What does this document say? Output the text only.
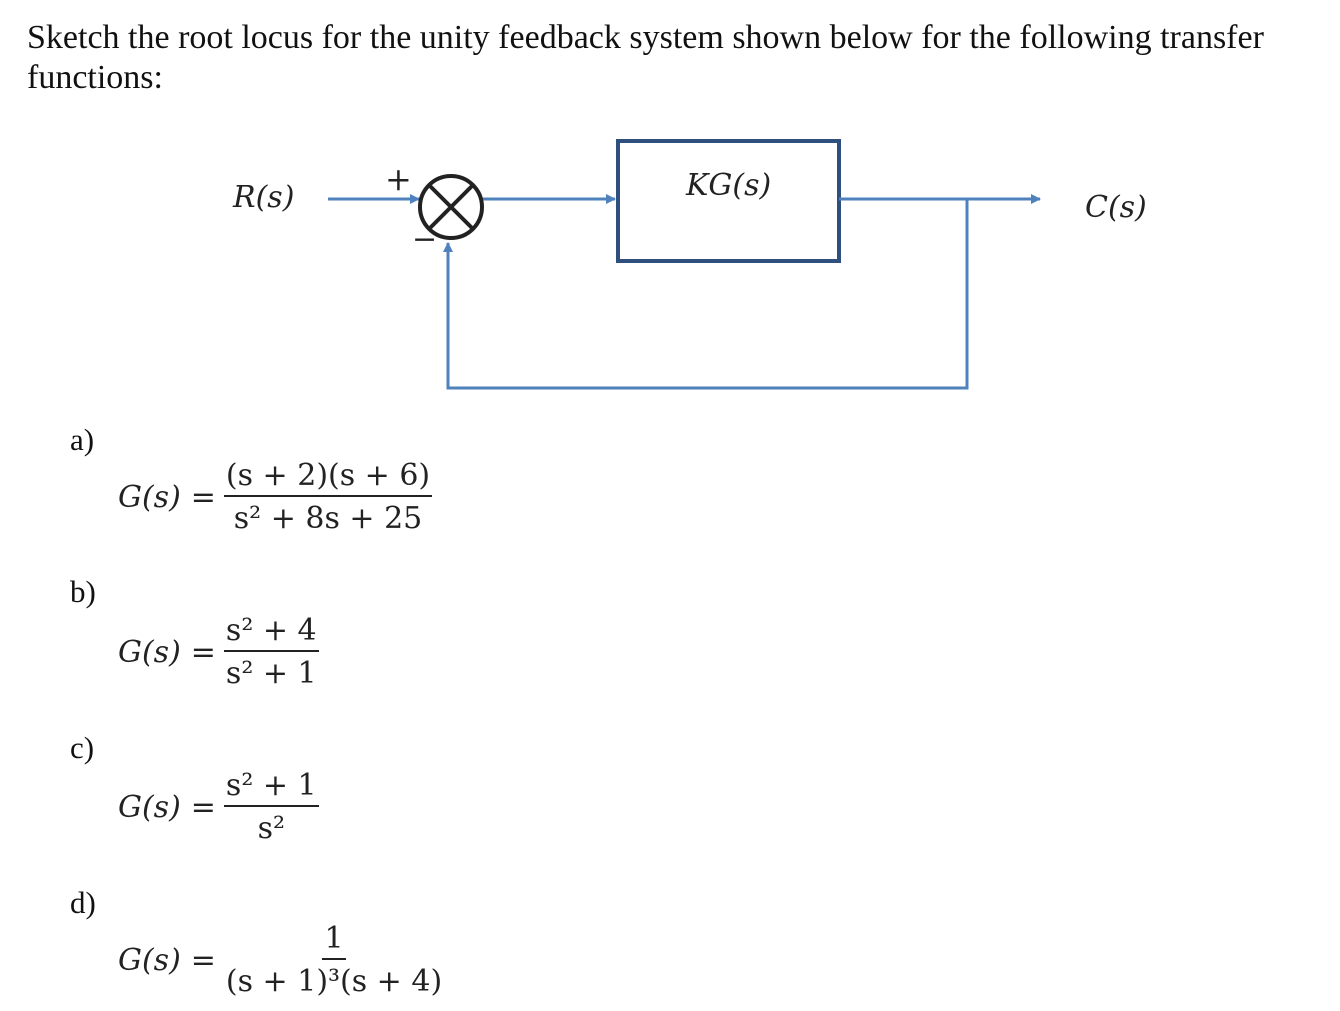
Sketch the root locus for the unity feedback system shown below for the following transfer functions:
R(s)	+
−
KG(s)
C(s)
a)
$G(s) = \frac{(s + 2)(s + 6)}{\text{s² + 8s + 25}}$
b)
$G(s) = \frac{\text{s² + 4}}{\text{s² + 1}}$
c)
$G(s) = \frac{\text{s² + 1}}{\text{s²}}$
d)
$G(s) = \frac{1}{\text{(s + 1)³(s + 4)}}$
